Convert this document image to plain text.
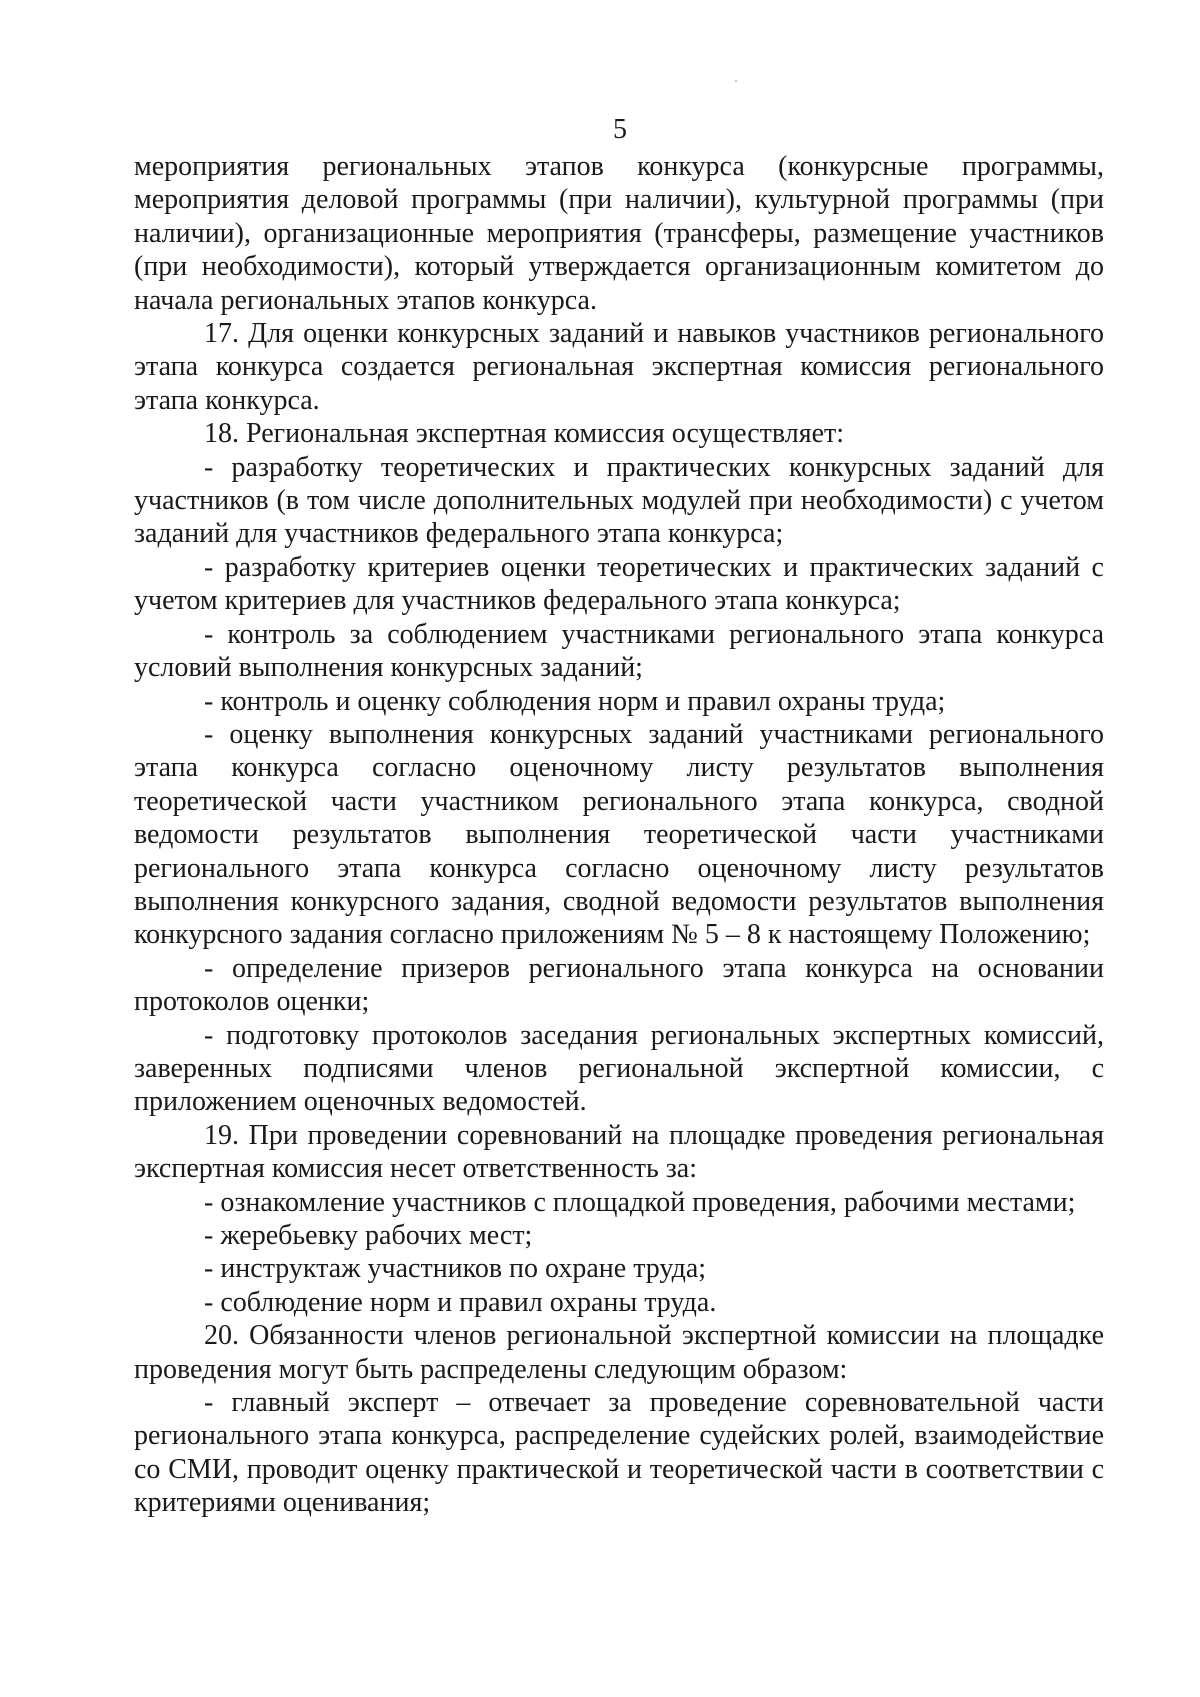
5

мероприятия региональных этапов конкурса (конкурсные программы, мероприятия деловой программы (при наличии), культурной программы (при наличии), организационные мероприятия (трансферы, размещение участников (при необходимости), который утверждается организационным комитетом до начала региональных этапов конкурса.

17. Для оценки конкурсных заданий и навыков участников регионального этапа конкурса создается региональная экспертная комиссия регионального этапа конкурса.

18. Региональная экспертная комиссия осуществляет:

- разработку теоретических и практических конкурсных заданий для участников (в том числе дополнительных модулей при необходимости) с учетом заданий для участников федерального этапа конкурса;

- разработку критериев оценки теоретических и практических заданий с учетом критериев для участников федерального этапа конкурса;

- контроль за соблюдением участниками регионального этапа конкурса условий выполнения конкурсных заданий;

- контроль и оценку соблюдения норм и правил охраны труда;

- оценку выполнения конкурсных заданий участниками регионального этапа конкурса согласно оценочному листу результатов выполнения теоретической части участником регионального этапа конкурса, сводной ведомости результатов выполнения теоретической части участниками регионального этапа конкурса согласно оценочному листу результатов выполнения конкурсного задания, сводной ведомости результатов выполнения конкурсного задания согласно приложениям № 5 – 8 к настоящему Положению;

- определение призеров регионального этапа конкурса на основании протоколов оценки;

- подготовку протоколов заседания региональных экспертных комиссий, заверенных подписями членов региональной экспертной комиссии, с приложением оценочных ведомостей.

19. При проведении соревнований на площадке проведения региональная экспертная комиссия несет ответственность за:

- ознакомление участников с площадкой проведения, рабочими местами;

- жеребьевку рабочих мест;

- инструктаж участников по охране труда;

- соблюдение норм и правил охраны труда.

20. Обязанности членов региональной экспертной комиссии на площадке проведения могут быть распределены следующим образом:

- главный эксперт – отвечает за проведение соревновательной части регионального этапа конкурса, распределение судейских ролей, взаимодействие со СМИ, проводит оценку практической и теоретической части в соответствии с критериями оценивания;
